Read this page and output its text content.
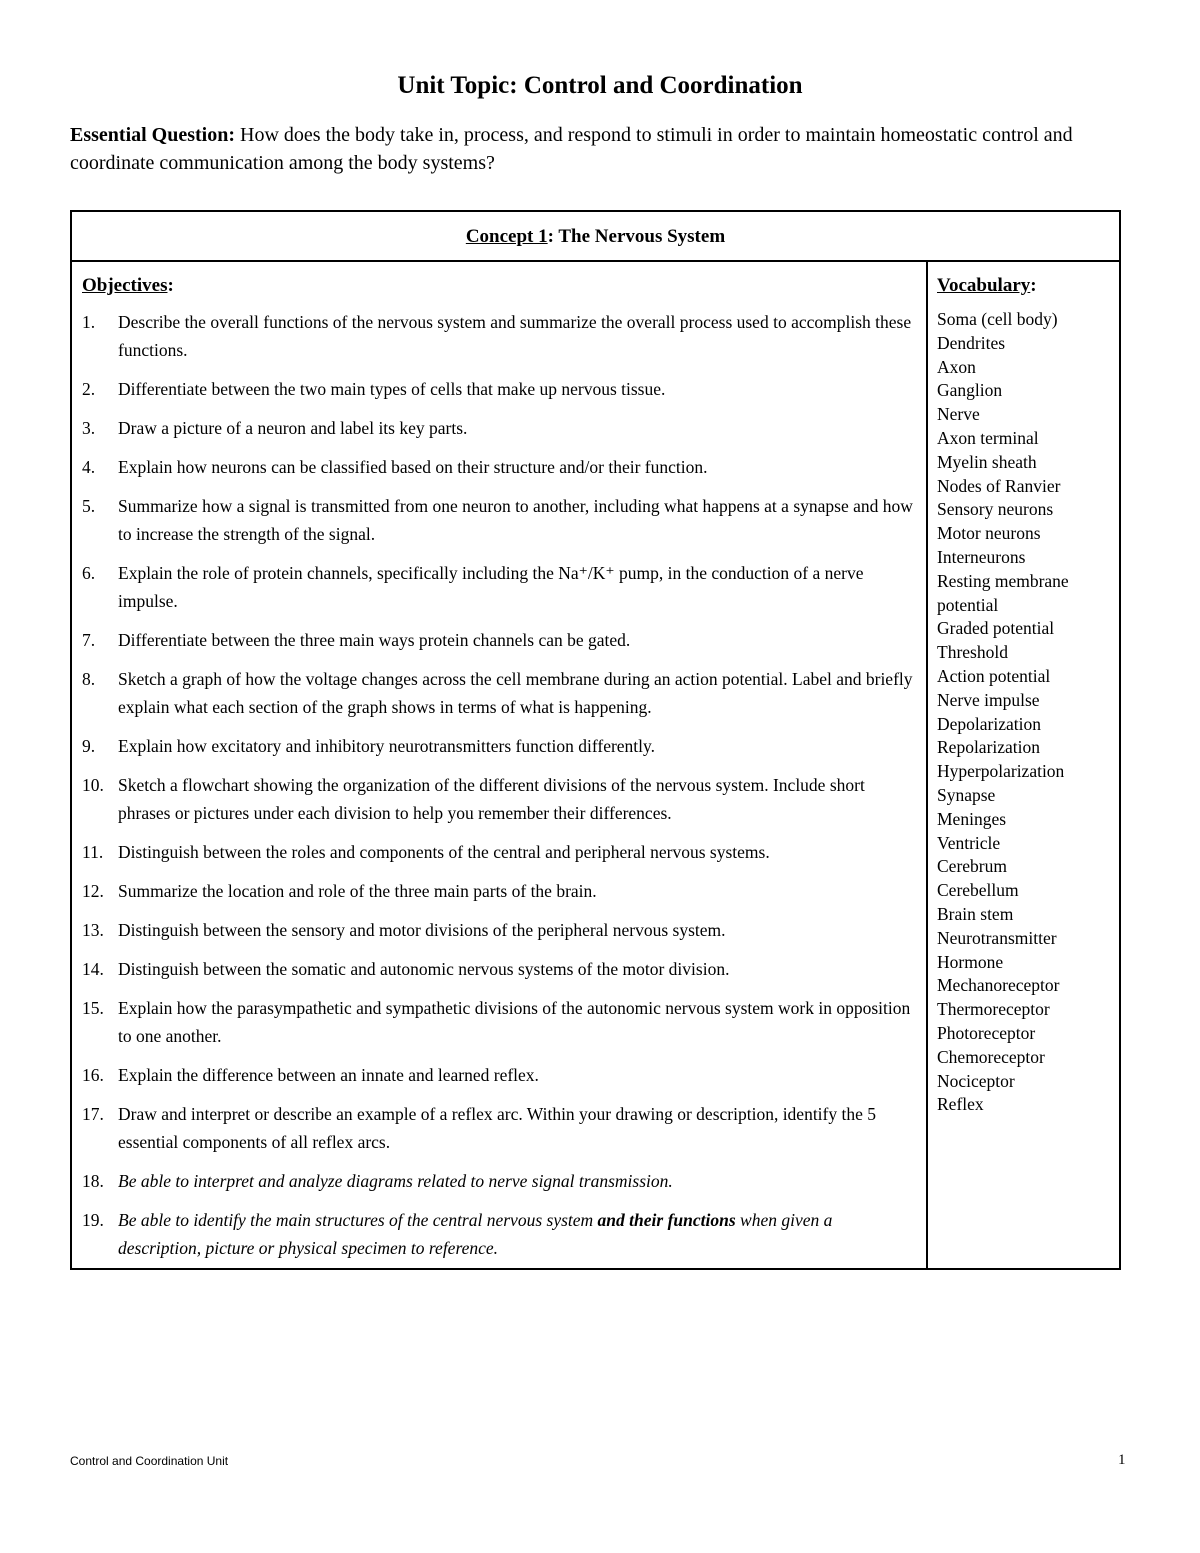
Unit Topic: Control and Coordination

Essential Question: How does the body take in, process, and respond to stimuli in order to maintain homeostatic control and coordinate communication among the body systems?

Concept 1: The Nervous System

Objectives:

1. Describe the overall functions of the nervous system and summarize the overall process used to accomplish these functions.
2. Differentiate between the two main types of cells that make up nervous tissue.
3. Draw a picture of a neuron and label its key parts.
4. Explain how neurons can be classified based on their structure and/or their function.
5. Summarize how a signal is transmitted from one neuron to another, including what happens at a synapse and how to increase the strength of the signal.
6. Explain the role of protein channels, specifically including the Na⁺/K⁺ pump, in the conduction of a nerve impulse.
7. Differentiate between the three main ways protein channels can be gated.
8. Sketch a graph of how the voltage changes across the cell membrane during an action potential. Label and briefly explain what each section of the graph shows in terms of what is happening.
9. Explain how excitatory and inhibitory neurotransmitters function differently.
10. Sketch a flowchart showing the organization of the different divisions of the nervous system. Include short phrases or pictures under each division to help you remember their differences.
11. Distinguish between the roles and components of the central and peripheral nervous systems.
12. Summarize the location and role of the three main parts of the brain.
13. Distinguish between the sensory and motor divisions of the peripheral nervous system.
14. Distinguish between the somatic and autonomic nervous systems of the motor division.
15. Explain how the parasympathetic and sympathetic divisions of the autonomic nervous system work in opposition to one another.
16. Explain the difference between an innate and learned reflex.
17. Draw and interpret or describe an example of a reflex arc. Within your drawing or description, identify the 5 essential components of all reflex arcs.
18. Be able to interpret and analyze diagrams related to nerve signal transmission.
19. Be able to identify the main structures of the central nervous system and their functions when given a description, picture or physical specimen to reference.

Vocabulary:

Soma (cell body)
Dendrites
Axon
Ganglion
Nerve
Axon terminal
Myelin sheath
Nodes of Ranvier
Sensory neurons
Motor neurons
Interneurons
Resting membrane potential
Graded potential
Threshold
Action potential
Nerve impulse
Depolarization
Repolarization
Hyperpolarization
Synapse
Meninges
Ventricle
Cerebrum
Cerebellum
Brain stem
Neurotransmitter
Hormone
Mechanoreceptor
Thermoreceptor
Photoreceptor
Chemoreceptor
Nociceptor
Reflex
Control and Coordination Unit	1
